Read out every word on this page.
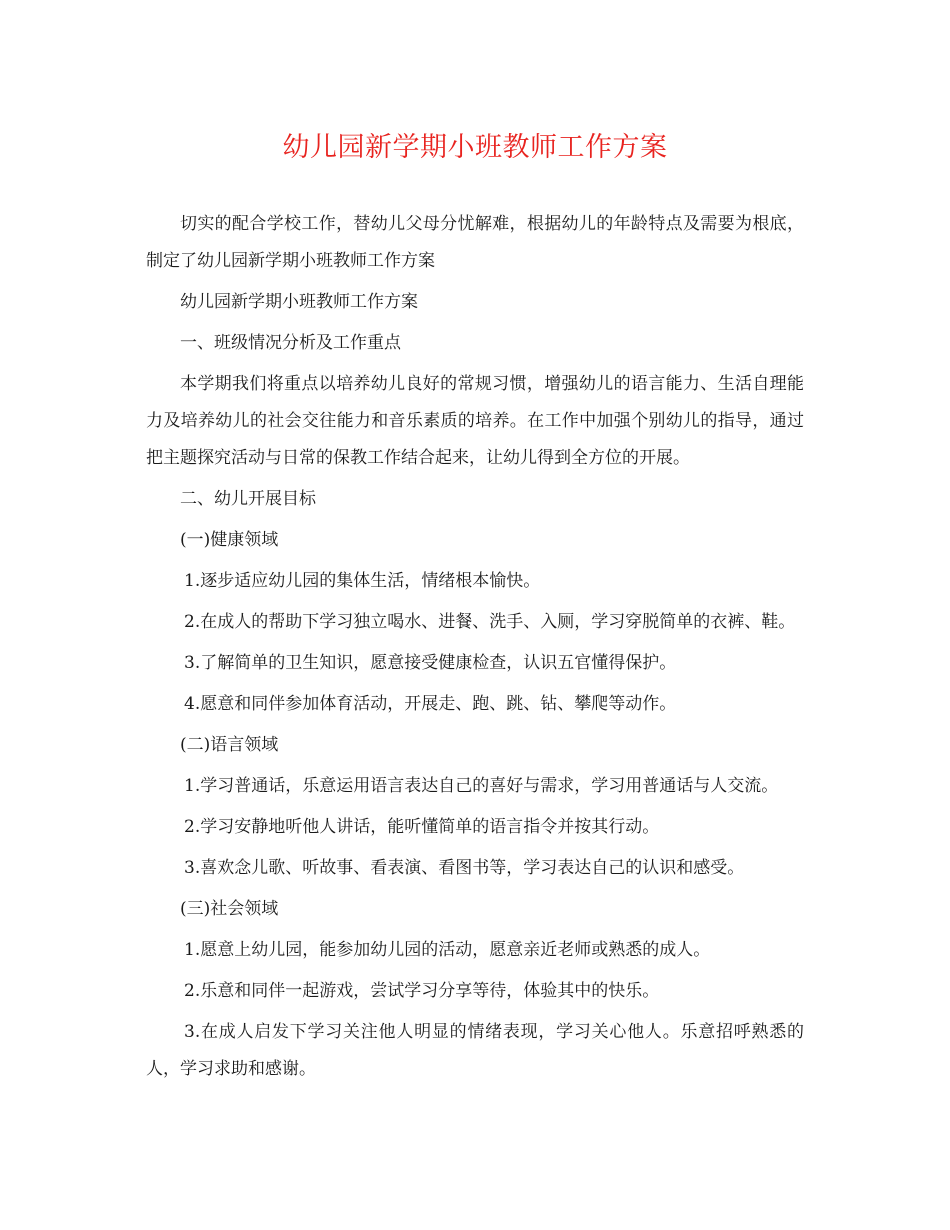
幼儿园新学期小班教师工作方案

切实的配合学校工作，替幼儿父母分忧解难，根据幼儿的年龄特点及需要为根底，制定了幼儿园新学期小班教师工作方案

幼儿园新学期小班教师工作方案

一、班级情况分析及工作重点

本学期我们将重点以培养幼儿良好的常规习惯，增强幼儿的语言能力、生活自理能力及培养幼儿的社会交往能力和音乐素质的培养。在工作中加强个别幼儿的指导，通过把主题探究活动与日常的保教工作结合起来，让幼儿得到全方位的开展。

二、幼儿开展目标

(一)健康领域

1.逐步适应幼儿园的集体生活，情绪根本愉快。

2.在成人的帮助下学习独立喝水、进餐、洗手、入厕，学习穿脱简单的衣裤、鞋。

3.了解简单的卫生知识，愿意接受健康检查，认识五官懂得保护。

4.愿意和同伴参加体育活动，开展走、跑、跳、钻、攀爬等动作。

(二)语言领域

1.学习普通话，乐意运用语言表达自己的喜好与需求，学习用普通话与人交流。

2.学习安静地听他人讲话，能听懂简单的语言指令并按其行动。

3.喜欢念儿歌、听故事、看表演、看图书等，学习表达自己的认识和感受。

(三)社会领域

1.愿意上幼儿园，能参加幼儿园的活动，愿意亲近老师或熟悉的成人。

2.乐意和同伴一起游戏，尝试学习分享等待，体验其中的快乐。

3.在成人启发下学习关注他人明显的情绪表现，学习关心他人。乐意招呼熟悉的人，学习求助和感谢。
